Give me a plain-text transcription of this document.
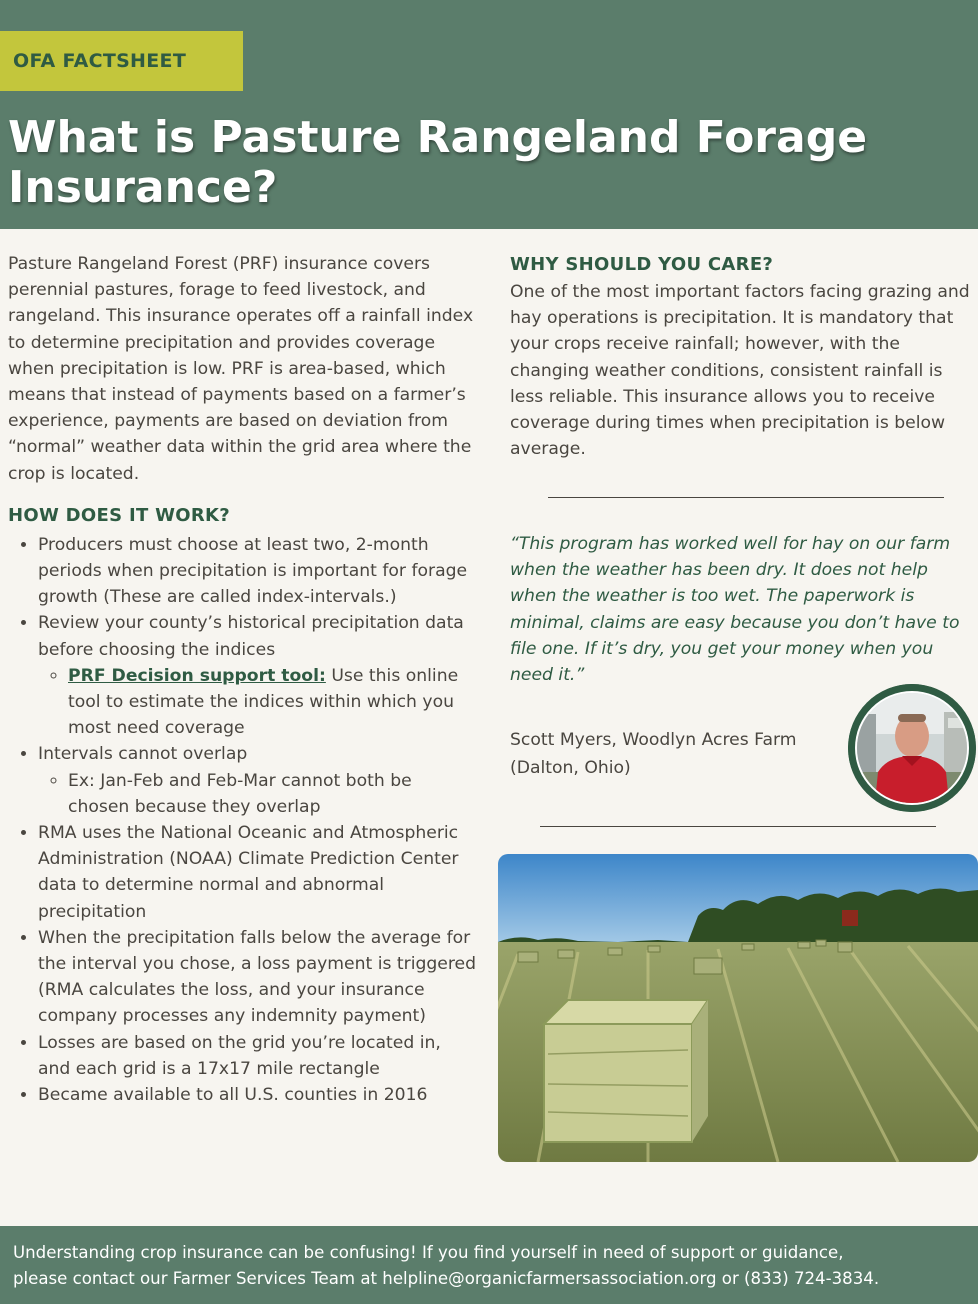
OFA FACTSHEET
What is Pasture Rangeland Forage Insurance?

Pasture Rangeland Forest (PRF) insurance covers perennial pastures, forage to feed livestock, and rangeland. This insurance operates off a rainfall index to determine precipitation and provides coverage when precipitation is low. PRF is area-based, which means that instead of payments based on a farmer’s experience, payments are based on deviation from “normal” weather data within the grid area where the crop is located.

HOW DOES IT WORK?
• Producers must choose at least two, 2-month periods when precipitation is important for forage growth (These are called index-intervals.)
• Review your county’s historical precipitation data before choosing the indices
◦ PRF Decision support tool: Use this online tool to estimate the indices within which you most need coverage
• Intervals cannot overlap
◦ Ex: Jan-Feb and Feb-Mar cannot both be chosen because they overlap
• RMA uses the National Oceanic and Atmospheric Administration (NOAA) Climate Prediction Center data to determine normal and abnormal precipitation
• When the precipitation falls below the average for the interval you chose, a loss payment is triggered (RMA calculates the loss, and your insurance company processes any indemnity payment)
• Losses are based on the grid you’re located in, and each grid is a 17x17 mile rectangle
• Became available to all U.S. counties in 2016
WHY SHOULD YOU CARE?

One of the most important factors facing grazing and hay operations is precipitation. It is mandatory that your crops receive rainfall; however, with the changing weather conditions, consistent rainfall is less reliable. This insurance allows you to receive coverage during times when precipitation is below average.

“This program has worked well for hay on our farm when the weather has been dry. It does not help when the weather is too wet. The paperwork is minimal, claims are easy because you don’t have to file one. If it’s dry, you get your money when you need it.”

Scott Myers, Woodlyn Acres Farm
(Dalton, Ohio)

Understanding crop insurance can be confusing! If you find yourself in need of support or guidance,

please contact our Farmer Services Team at helpline@organicfarmersassociation.org or (833) 724-3834.
